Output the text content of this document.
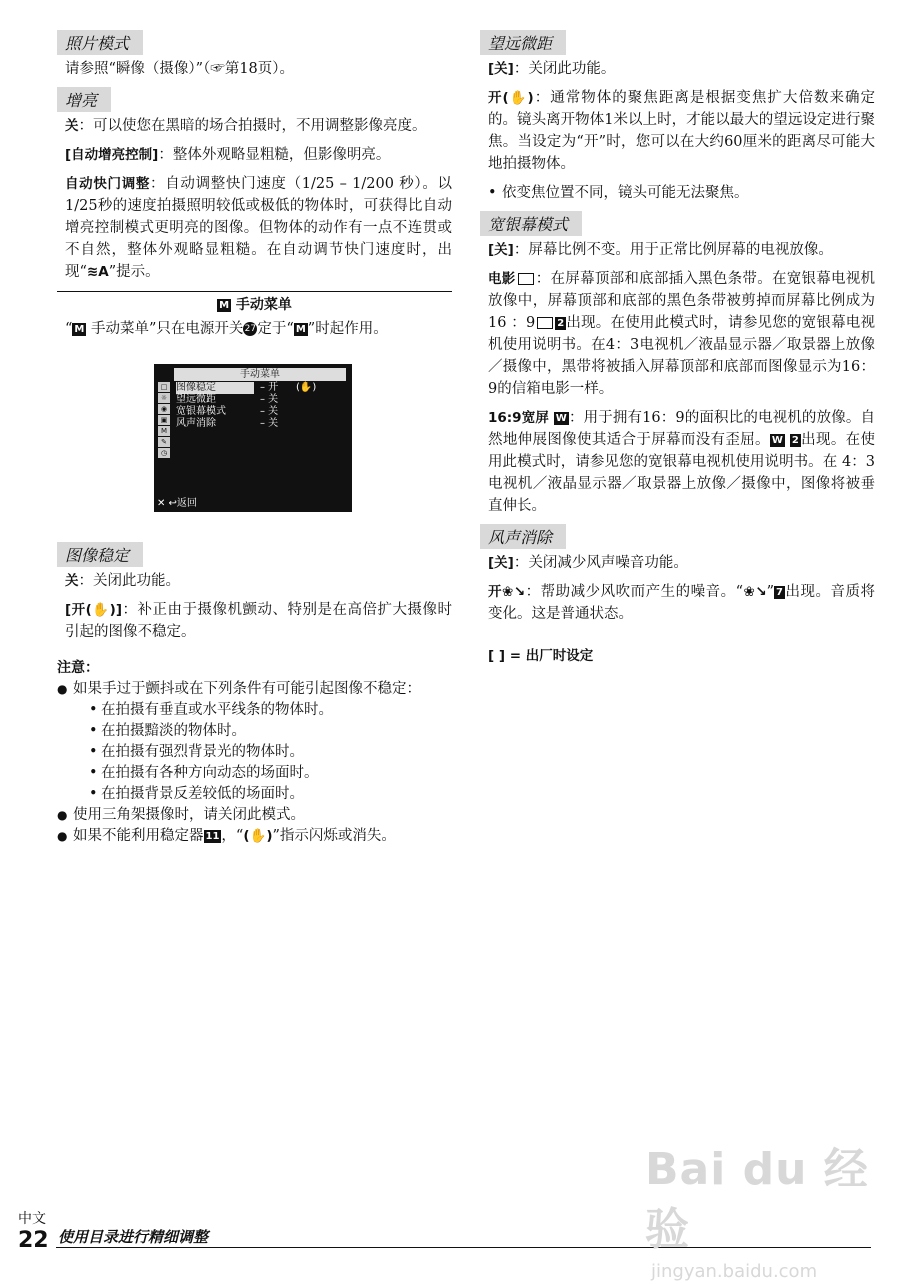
照片模式

请参照“瞬像（摄像）”（☞第18页）。

增亮

关：可以使您在黑暗的场合拍摄时，不用调整影像亮度。

[自动增亮控制]：整体外观略显粗糙，但影像明亮。

自动快门调整：自动调整快门速度（1/25 – 1/200 秒）。以1/25秒的速度拍摄照明较低或极低的物体时，可获得比自动增亮控制模式更明亮的图像。但物体的动作有一点不连贯或不自然，整体外观略显粗糙。在自动调节快门速度时，出现“≋A”提示。

M 手动菜单

“ M 手动菜单”只在电源开关27定于“ M ”时起作用。

手动菜单
□
☼
◉
▣
M
✎
◷
图像稳定	– 开	(✋)
望远微距	– 关
宽银幕模式	– 关
风声消除	– 关
✕ ↩返回
图像稳定

关：关闭此功能。

[开(✋)]：补正由于摄像机颤动、特别是在高倍扩大摄像时引起的图像不稳定。

注意：
● 如果手过于颤抖或在下列条件有可能引起图像不稳定：
• 在拍摄有垂直或水平线条的物体时。
• 在拍摄黯淡的物体时。
• 在拍摄有强烈背景光的物体时。
• 在拍摄有各种方向动态的场面时。
• 在拍摄背景反差较低的场面时。
● 使用三角架摄像时，请关闭此模式。
● 如果不能利用稳定器 11 ，“(✋)”指示闪烁或消失。
望远微距

[关]：关闭此功能。

开(✋)：通常物体的聚焦距离是根据变焦扩大倍数来确定的。镜头离开物体1米以上时，才能以最大的望远设定进行聚焦。当设定为“开”时，您可以在大约60厘米的距离尽可能大地拍摄物体。

• 依变焦位置不同，镜头可能无法聚焦。

宽银幕模式

[关]：屏幕比例不变。用于正常比例屏幕的电视放像。

电影 ：在屏幕顶部和底部插入黑色条带。在宽银幕电视机放像中，屏幕顶部和底部的黑色条带被剪掉而屏幕比例成为16 ：9 2 出现。在使用此模式时，请参见您的宽银幕电视机使用说明书。在4：3电视机／液晶显示器／取景器上放像／摄像中，黑带将被插入屏幕顶部和底部而图像显示为16：9的信箱电影一样。

16:9宽屏 W ：用于拥有16：9的面积比的电视机的放像。自然地伸展图像使其适合于屏幕而没有歪屈。 W 2 出现。在使用此模式时，请参见您的宽银幕电视机使用说明书。在 4：3 电视机／液晶显示器／取景器上放像／摄像中，图像将被垂直伸长。

风声消除

[关]：关闭减少风声噪音功能。

开❀↘：帮助减少风吹而产生的噪音。“❀↘” 7 出现。音质将变化。这是普通状态。

[ ] = 出厂时设定

中文
22 使用目录进行精细调整
Bai du 经验
jingyan.baidu.com
